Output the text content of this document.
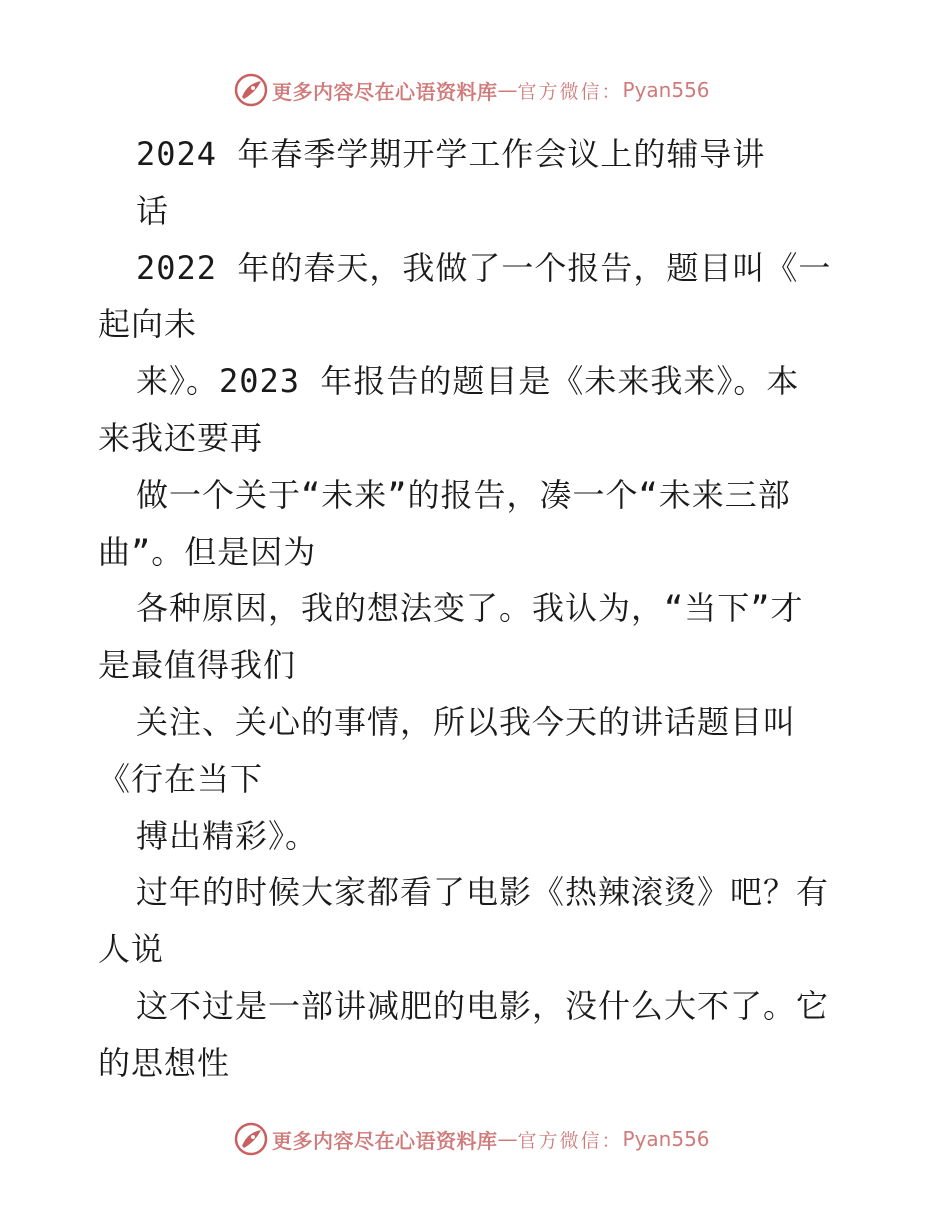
更多内容尽在心语资料库 — 官方微信： Pyan556
2024 年春季学期开学工作会议上的辅导讲
话
2022 年的春天，我做了一个报告，题目叫《一
起向未
来》。2023 年报告的题目是《未来我来》。本
来我还要再
做一个关于“未来”的报告，凑一个“未来三部
曲”。但是因为
各种原因，我的想法变了。我认为，“当下”才
是最值得我们
关注、关心的事情，所以我今天的讲话题目叫
《行在当下
搏出精彩》。
过年的时候大家都看了电影《热辣滚烫》吧？有
人说
这不过是一部讲减肥的电影，没什么大不了。它
的思想性
更多内容尽在心语资料库 — 官方微信： Pyan556
